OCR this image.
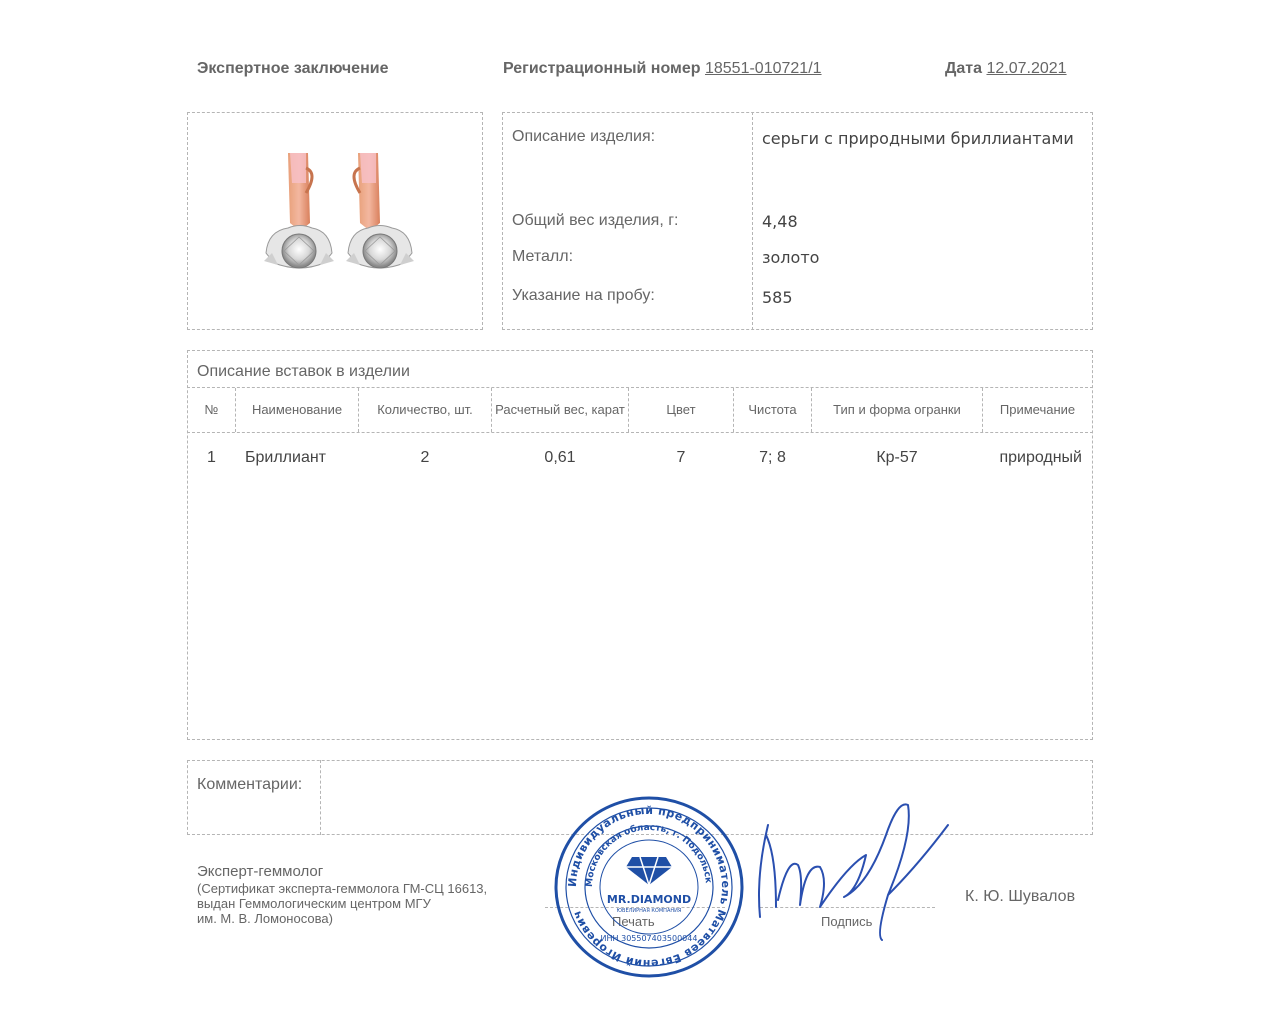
Экспертное заключение	Регистрационный номер 18551-010721/1	Дата 12.07.2021
Описание изделия:	серьги с природными бриллиантами
Общий вес изделия, г:	4,48
Металл:	золото
Указание на пробу:	585
Описание вставок в изделии
№	Наименование	Количество, шт.	Расчетный вес, карат	Цвет	Чистота	Тип и форма огранки	Примечание
1	Бриллиант	2	0,61	7	7; 8	Кр-57	природный
Комментарии:
Эксперт-геммолог
(Сертификат эксперта-геммолога ГМ-СЦ 16613,
выдан Геммологическим центром МГУ
им. М. В. Ломоносова)	Печать	Подпись
К. Ю. Шувалов
Индивидуальный предприниматель Матвеев Евгений Игоревич
Московская область, г. Подольск
MR.DIAMOND
ЮВЕЛИРНАЯ КОМПАНИЯ
ИНН 305507403500044
